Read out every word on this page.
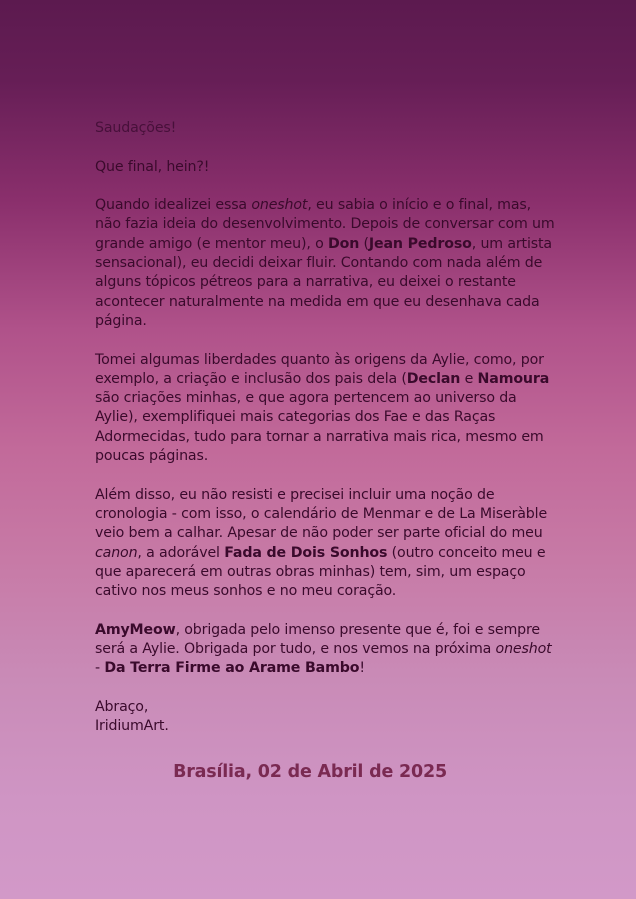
Saudações!

Que final, hein?!

Quando idealizei essa oneshot, eu sabia o início e o final, mas, não fazia ideia do desenvolvimento. Depois de conversar com um grande amigo (e mentor meu), o Don (Jean Pedroso, um artista sensacional), eu decidi deixar fluir. Contando com nada além de alguns tópicos pétreos para a narrativa, eu deixei o restante acontecer naturalmente na medida em que eu desenhava cada página.

Tomei algumas liberdades quanto às origens da Aylie, como, por exemplo, a criação e inclusão dos pais dela (Declan e Namoura são criações minhas, e que agora pertencem ao universo da Aylie), exemplifiquei mais categorias dos Fae e das Raças Adormecidas, tudo para tornar a narrativa mais rica, mesmo em poucas páginas.

Além disso, eu não resisti e precisei incluir uma noção de cronologia - com isso, o calendário de Menmar e de La Miseràble veio bem a calhar. Apesar de não poder ser parte oficial do meu canon, a adorável Fada de Dois Sonhos (outro conceito meu e que aparecerá em outras obras minhas) tem, sim, um espaço cativo nos meus sonhos e no meu coração.

AmyMeow, obrigada pelo imenso presente que é, foi e sempre será a Aylie. Obrigada por tudo, e nos vemos na próxima oneshot - Da Terra Firme ao Arame Bambo!

Abraço,
IridiumArt.
Brasília, 02 de Abril de 2025
